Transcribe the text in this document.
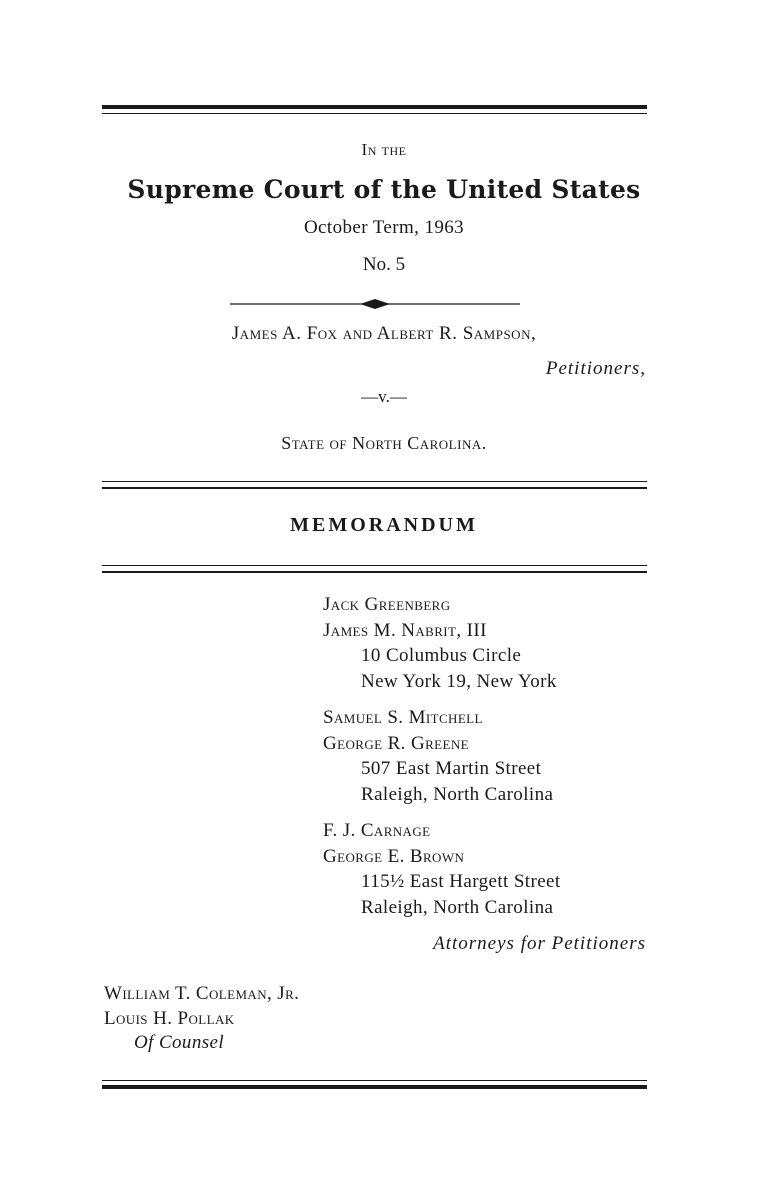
In the
Supreme Court of the United States
October Term, 1963
No. 5
James A. Fox and Albert R. Sampson,
Petitioners,
—v.—
State of North Carolina.
MEMORANDUM
Jack Greenberg
James M. Nabrit, III
10 Columbus Circle
New York 19, New York
Samuel S. Mitchell
George R. Greene
507 East Martin Street
Raleigh, North Carolina
F. J. Carnage
George E. Brown
115½ East Hargett Street
Raleigh, North Carolina
Attorneys for Petitioners
William T. Coleman, Jr.
Louis H. Pollak
Of Counsel
